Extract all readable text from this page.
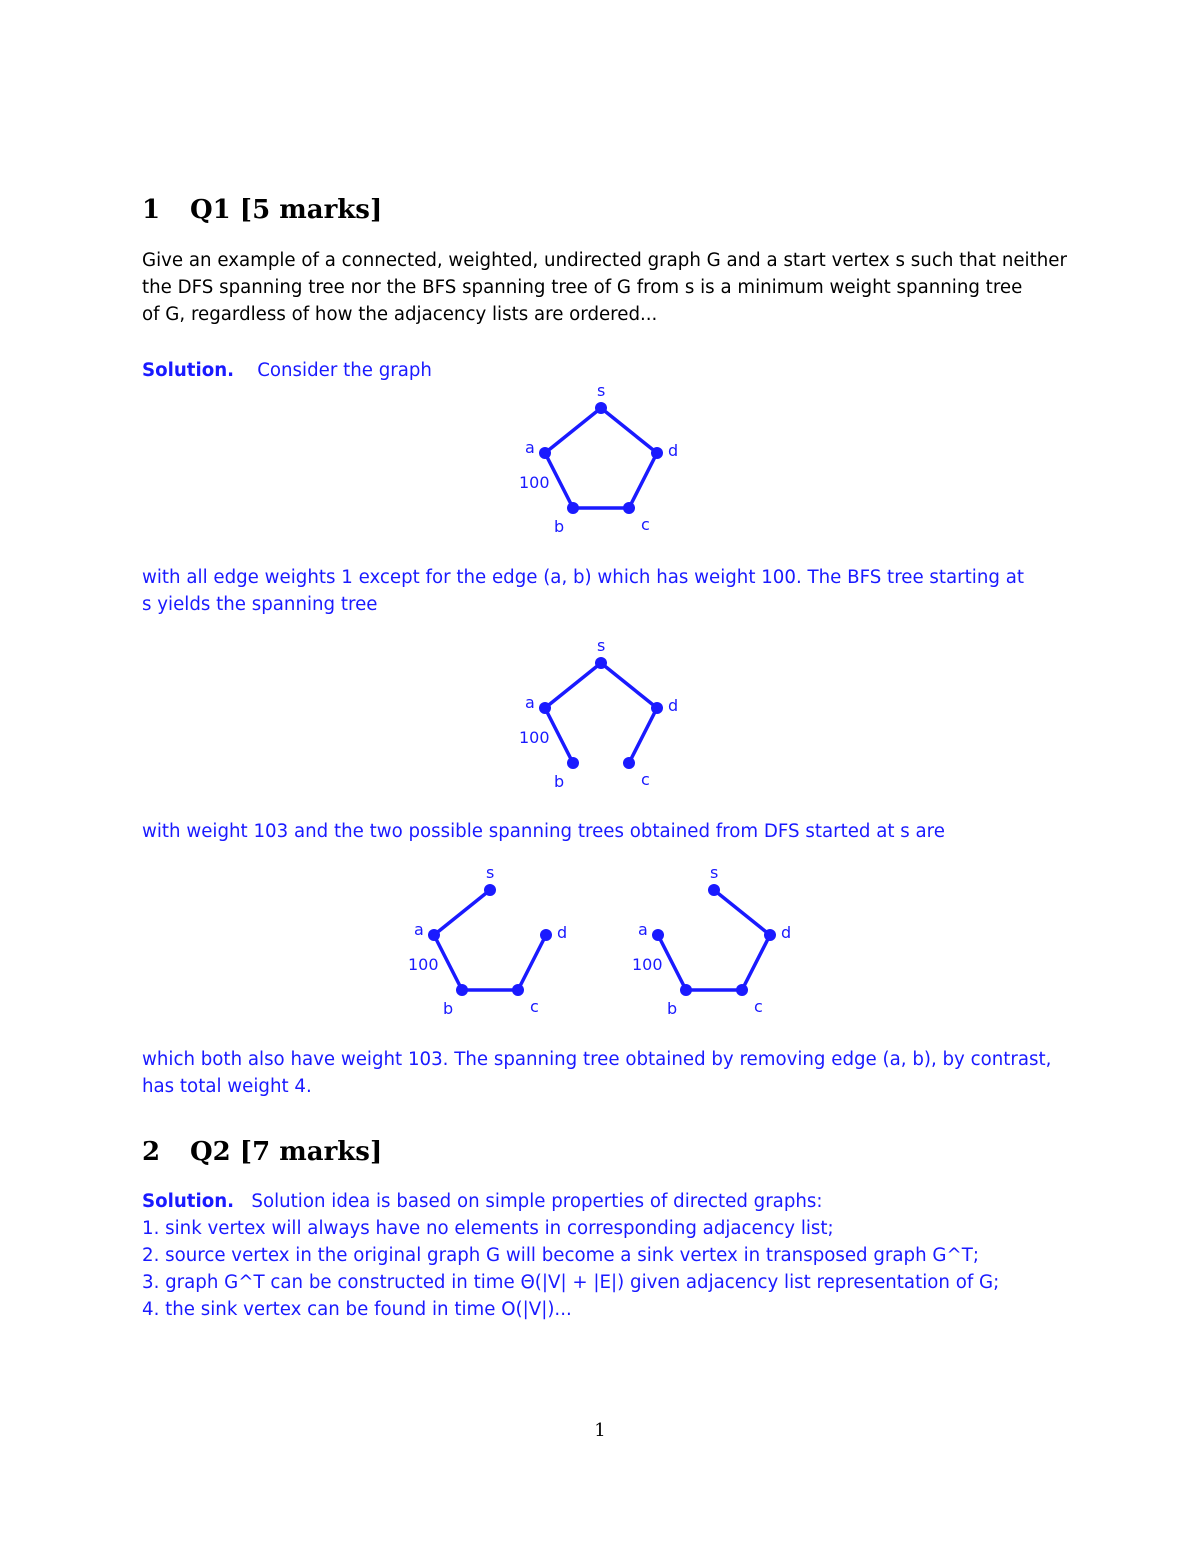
1 Q1 [5 marks]
Give an example of a connected, weighted, undirected graph G and a start vertex s such that neither
the DFS spanning tree nor the BFS spanning tree of G from s is a minimum weight spanning tree
of G, regardless of how the adjacency lists are ordered...
Solution. Consider the graph
s
a	d
b	c
100
with all edge weights 1 except for the edge (a, b) which has weight 100. The BFS tree starting at
s yields the spanning tree
s
a	d
b	c
100
with weight 103 and the two possible spanning trees obtained from DFS started at s are
s
a	d
b	c
100
s
a	d
b	c
100
which both also have weight 103. The spanning tree obtained by removing edge (a, b), by contrast,
has total weight 4.
2 Q2 [7 marks]
Solution. Solution idea is based on simple properties of directed graphs:
1. sink vertex will always have no elements in corresponding adjacency list;
2. source vertex in the original graph G will become a sink vertex in transposed graph G^T;
3. graph G^T can be constructed in time Θ(|V| + |E|) given adjacency list representation of G;
4. the sink vertex can be found in time O(|V|)...
1
